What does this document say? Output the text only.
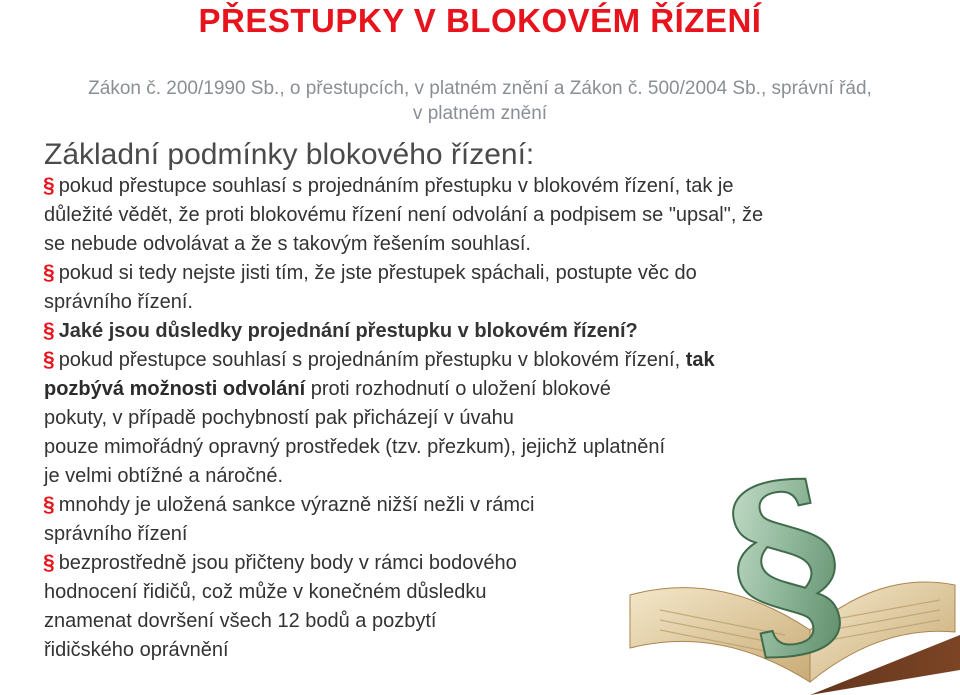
PŘESTUPKY V BLOKOVÉM ŘÍZENÍ
Zákon č. 200/1990 Sb., o přestupcích, v platném znění a Zákon č. 500/2004 Sb., správní řád,
v platném znění
Základní podmínky blokového řízení:
§
§ pokud přestupce souhlasí s projednáním přestupku v blokovém řízení, tak je
důležité vědět, že proti blokovému řízení není odvolání a podpisem se "upsal", že
se nebude odvolávat a že s takovým řešením souhlasí.
§ pokud si tedy nejste jisti tím, že jste přestupek spáchali, postupte věc do
správního řízení.
§ Jaké jsou důsledky projednání přestupku v blokovém řízení?
§ pokud přestupce souhlasí s projednáním přestupku v blokovém řízení, tak
pozbývá možnosti odvolání proti rozhodnutí o uložení blokové
pokuty, v případě pochybností pak přicházejí v úvahu
pouze mimořádný opravný prostředek (tzv. přezkum), jejichž uplatnění
je velmi obtížné a náročné.
§ mnohdy je uložená sankce výrazně nižší nežli v rámci
správního řízení
§ bezprostředně jsou přičteny body v rámci bodového
hodnocení řidičů, což může v konečném důsledku
znamenat dovršení všech 12 bodů a pozbytí
řidičského oprávnění
